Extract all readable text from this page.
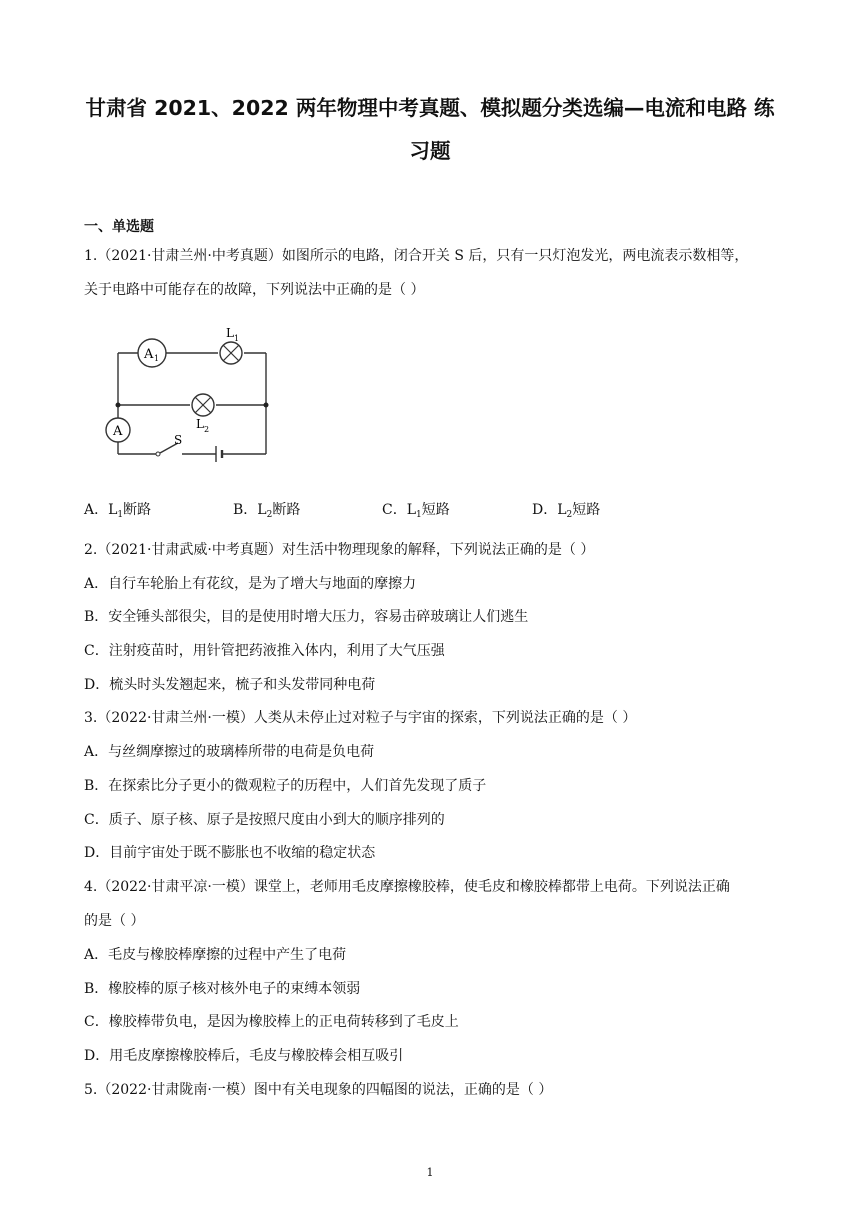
甘肃省 2021、2022 两年物理中考真题、模拟题分类选编—电流和电路 练
习题
一、单选题
1.（2021·甘肃兰州·中考真题）如图所示的电路，闭合开关 S 后，只有一只灯泡发光，两电流表示数相等，
关于电路中可能存在的故障，下列说法中正确的是（ ）
S
A 1
L 1
L 2
A
A．$L_1$断路	B．$L_2$断路	C．$L_1$短路	D．$L_2$短路
2.（2021·甘肃武威·中考真题）对生活中物理现象的解释，下列说法正确的是（ ）
A．自行车轮胎上有花纹，是为了增大与地面的摩擦力
B．安全锤头部很尖，目的是使用时增大压力，容易击碎玻璃让人们逃生
C．注射疫苗时，用针管把药液推入体内，利用了大气压强
D．梳头时头发翘起来，梳子和头发带同种电荷
3.（2022·甘肃兰州·一模）人类从未停止过对粒子与宇宙的探索，下列说法正确的是（ ）
A．与丝绸摩擦过的玻璃棒所带的电荷是负电荷
B．在探索比分子更小的微观粒子的历程中，人们首先发现了质子
C．质子、原子核、原子是按照尺度由小到大的顺序排列的
D．目前宇宙处于既不膨胀也不收缩的稳定状态
4.（2022·甘肃平凉·一模）课堂上，老师用毛皮摩擦橡胶棒，使毛皮和橡胶棒都带上电荷。下列说法正确
的是（ ）
A．毛皮与橡胶棒摩擦的过程中产生了电荷
B．橡胶棒的原子核对核外电子的束缚本领弱
C．橡胶棒带负电，是因为橡胶棒上的正电荷转移到了毛皮上
D．用毛皮摩擦橡胶棒后，毛皮与橡胶棒会相互吸引
5.（2022·甘肃陇南·一模）图中有关电现象的四幅图的说法，正确的是（ ）
1
